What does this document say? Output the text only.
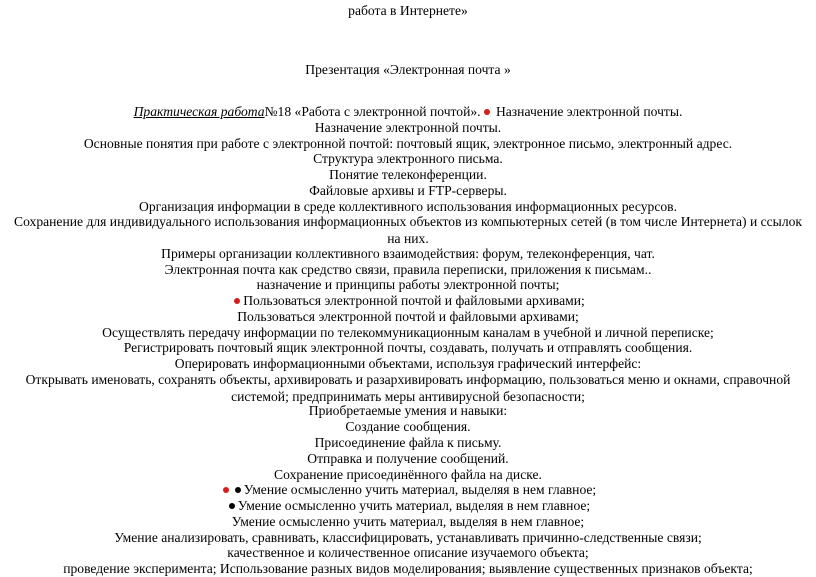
работа в Интернете»
Презентация «Электронная почта »
Практическая работа№18 «Работа с электронной почтой». Назначение электронной почты.
Назначение электронной почты.
Основные понятия при работе с электронной почтой: почтовый ящик, электронное письмо, электронный адрес.
Структура электронного письма.
Понятие телеконференции.
Файловые архивы и FTP-серверы.
Организация информации в среде коллективного использования информационных ресурсов.
Сохранение для индивидуального использования информационных объектов из компьютерных сетей (в том числе Интернета) и ссылок на них.
Примеры организации коллективного взаимодействия: форум, телеконференция, чат.
Электронная почта как средство связи, правила переписки, приложения к письмам..
назначение и принципы работы электронной почты;
Пользоваться электронной почтой и файловыми архивами;
Пользоваться электронной почтой и файловыми архивами;
Осуществлять передачу информации по телекоммуникационным каналам в учебной и личной переписке;
Регистрировать почтовый ящик электронной почты, создавать, получать и отправлять сообщения.
Оперировать информационными объектами, используя графический интерфейс:
Открывать именовать, сохранять объекты, архивировать и разархивировать информацию, пользоваться меню и окнами, справочной системой; предпринимать меры антивирусной безопасности;
Приобретаемые умения и навыки:
Создание сообщения.
Присоединение файла к письму.
Отправка и получение сообщений.
Сохранение присоединённого файла на диске.
Умение осмысленно учить материал, выделяя в нем главное;
Умение осмысленно учить материал, выделяя в нем главное;
Умение осмысленно учить материал, выделяя в нем главное;
Умение анализировать, сравнивать, классифицировать, устанавливать причинно-следственные связи;
качественное и количественное описание изучаемого объекта;
проведение эксперимента; Использование разных видов моделирования; выявление существенных признаков объекта;
